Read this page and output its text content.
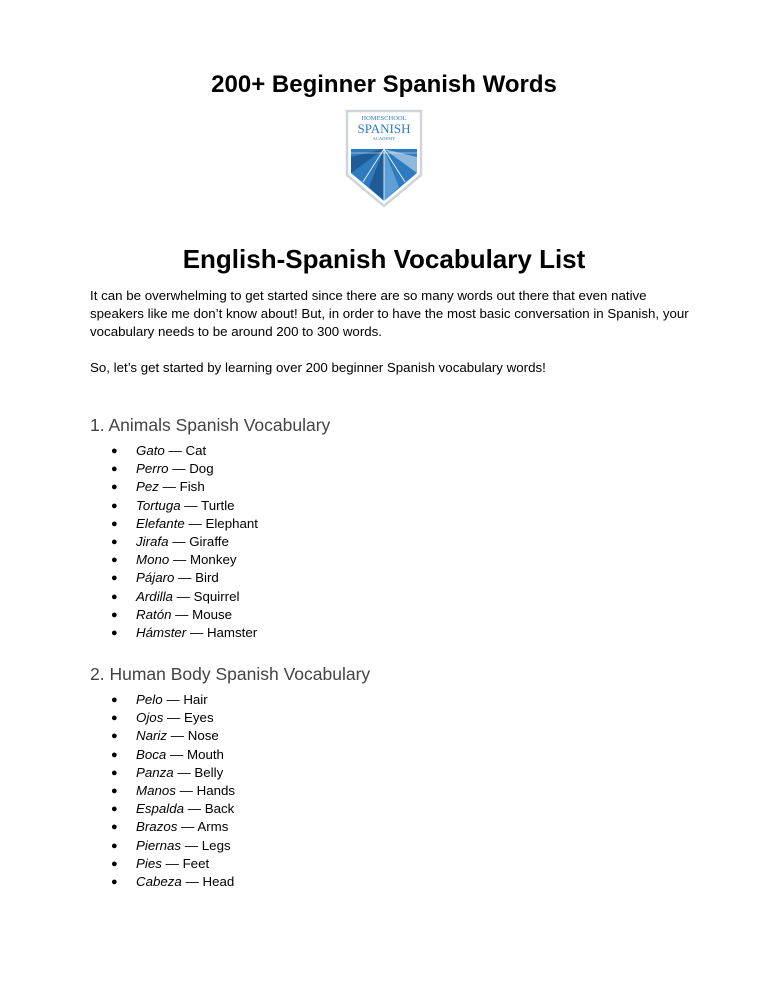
200+ Beginner Spanish Words
HOMESCHOOL
SPANISH
ACADEMY
English-Spanish Vocabulary List
It can be overwhelming to get started since there are so many words out there that even native speakers like me don’t know about! But, in order to have the most basic conversation in Spanish, your vocabulary needs to be around 200 to 300 words.
So, let’s get started by learning over 200 beginner Spanish vocabulary words!
1. Animals Spanish Vocabulary
● Gato — Cat
● Perro — Dog
● Pez — Fish
● Tortuga — Turtle
● Elefante — Elephant
● Jirafa — Giraffe
● Mono — Monkey
● Pájaro — Bird
● Ardilla — Squirrel
● Ratón — Mouse
● Hámster — Hamster
2. Human Body Spanish Vocabulary
● Pelo — Hair
● Ojos — Eyes
● Nariz — Nose
● Boca — Mouth
● Panza — Belly
● Manos — Hands
● Espalda — Back
● Brazos — Arms
● Piernas — Legs
● Pies — Feet
● Cabeza — Head
